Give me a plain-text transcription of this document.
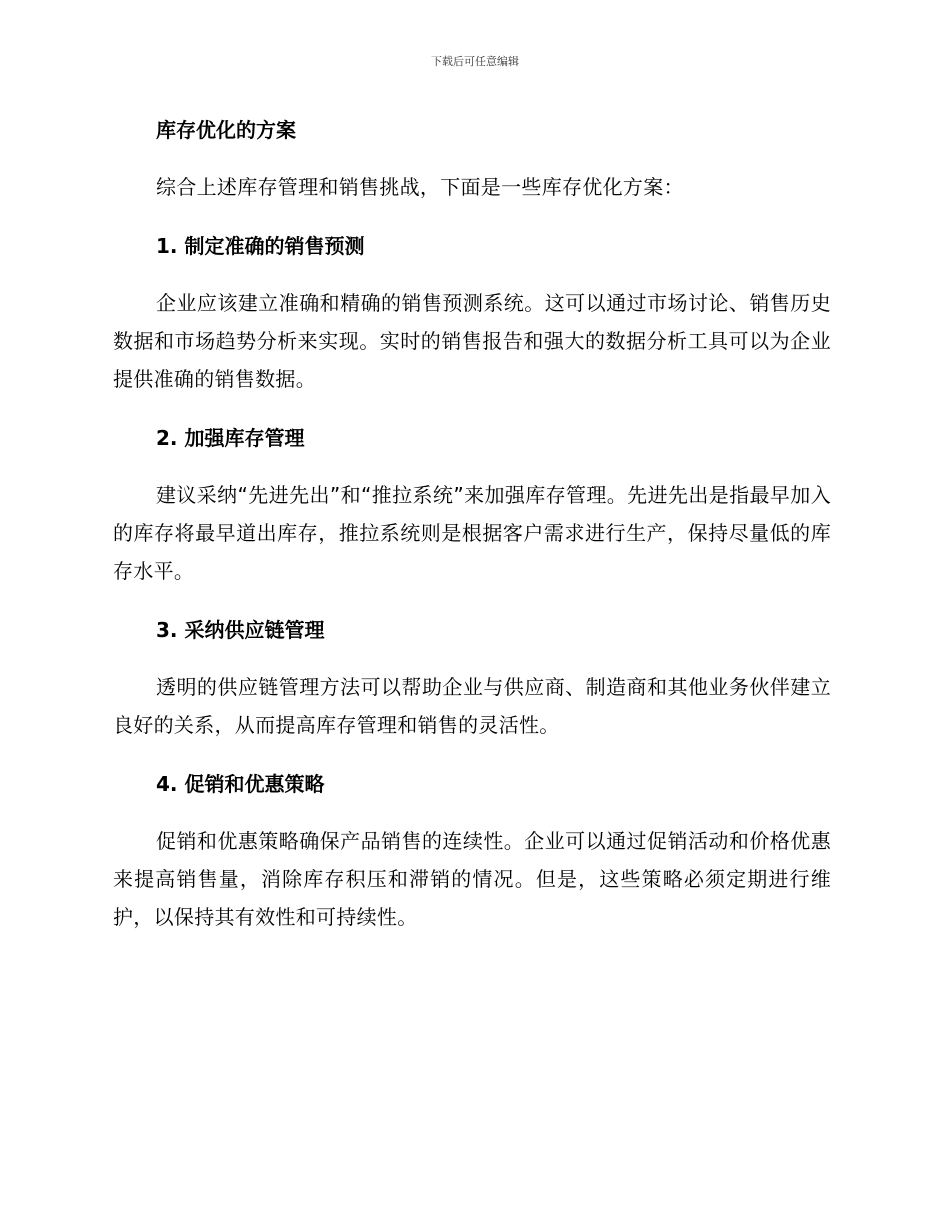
下载后可任意编辑

库存优化的方案

综合上述库存管理和销售挑战，下面是一些库存优化方案：

1. 制定准确的销售预测

企业应该建立准确和精确的销售预测系统。这可以通过市场讨论、销售历史数据和市场趋势分析来实现。实时的销售报告和强大的数据分析工具可以为企业提供准确的销售数据。

2. 加强库存管理

建议采纳“先进先出”和“推拉系统”来加强库存管理。先进先出是指最早加入的库存将最早道出库存，推拉系统则是根据客户需求进行生产，保持尽量低的库存水平。

3. 采纳供应链管理

透明的供应链管理方法可以帮助企业与供应商、制造商和其他业务伙伴建立良好的关系，从而提高库存管理和销售的灵活性。

4. 促销和优惠策略

促销和优惠策略确保产品销售的连续性。企业可以通过促销活动和价格优惠来提高销售量，消除库存积压和滞销的情况。但是，这些策略必须定期进行维护，以保持其有效性和可持续性。
